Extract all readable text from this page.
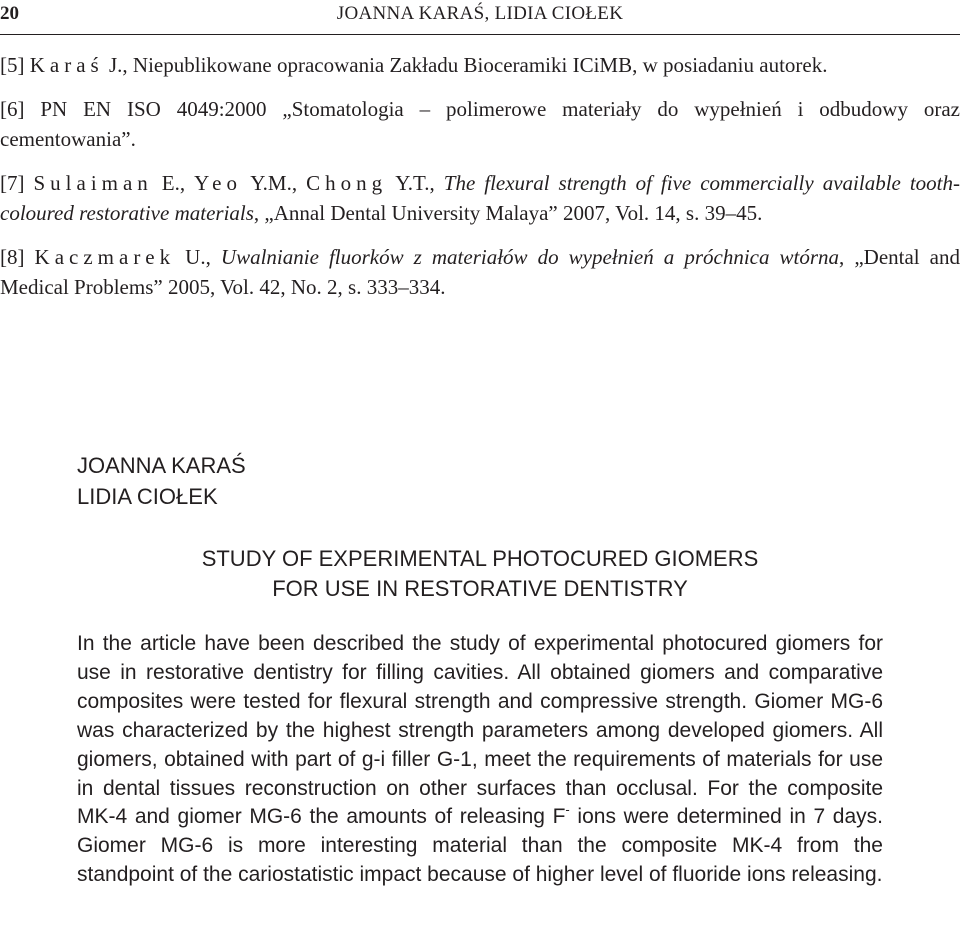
20	JOANNA KARAŚ, LIDIA CIOŁEK

[5] Karaś J., Niepublikowane opracowania Zakładu Bioceramiki ICiMB, w posiadaniu autorek.

[6] PN EN ISO 4049:2000 „Stomatologia – polimerowe materiały do wypełnień i odbudowy oraz cementowania”.

[7] Sulaiman E., Yeo Y.M., Chong Y.T., The flexural strength of five commercially available tooth-coloured restorative materials, „Annal Dental University Malaya” 2007, Vol. 14, s. 39–45.

[8] Kaczmarek U., Uwalnianie fluorków z materiałów do wypełnień a próchnica wtórna, „Dental and Medical Problems” 2005, Vol. 42, No. 2, s. 333–334.

JOANNA KARAŚ
LIDIA CIOŁEK
STUDY OF EXPERIMENTAL PHOTOCURED GIOMERS
FOR USE IN RESTORATIVE DENTISTRY
In the article have been described the study of experimental photocured giomers for use in restorative dentistry for filling cavities. All obtained giomers and comparative composites were tested for flexural strength and compressive strength. Giomer MG-6 was characterized by the highest strength parameters among developed giomers. All giomers, obtained with part of g-i filler G-1, meet the requirements of materials for use in dental tissues reconstruction on other surfaces than occlusal. For the composite MK-4 and giomer MG-6 the amounts of releasing F- ions were determined in 7 days. Giomer MG-6 is more interesting material than the composite MK-4 from the standpoint of the cariostatistic impact because of higher level of fluoride ions releasing.
